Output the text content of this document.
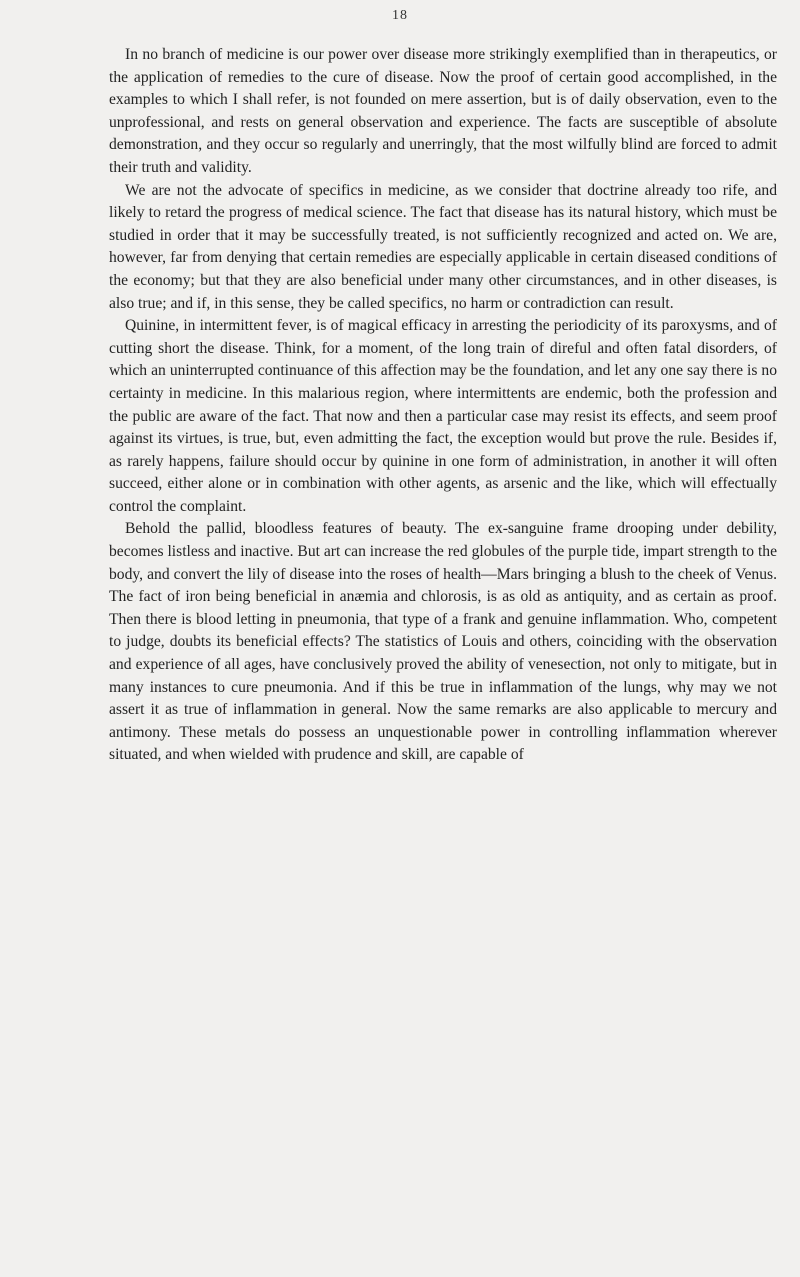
18

In no branch of medicine is our power over disease more strikingly exemplified than in therapeutics, or the application of remedies to the cure of disease. Now the proof of certain good accomplished, in the examples to which I shall refer, is not founded on mere assertion, but is of daily observation, even to the unprofessional, and rests on general observation and experience. The facts are susceptible of absolute demonstration, and they occur so regularly and unerringly, that the most wilfully blind are forced to admit their truth and validity.

We are not the advocate of specifics in medicine, as we consider that doctrine already too rife, and likely to retard the progress of medical science. The fact that disease has its natural history, which must be studied in order that it may be successfully treated, is not sufficiently recognized and acted on. We are, however, far from denying that certain remedies are especially applicable in certain diseased conditions of the economy; but that they are also beneficial under many other circumstances, and in other diseases, is also true; and if, in this sense, they be called specifics, no harm or contradiction can result.

Quinine, in intermittent fever, is of magical efficacy in arresting the periodicity of its paroxysms, and of cutting short the disease. Think, for a moment, of the long train of direful and often fatal disorders, of which an uninterrupted continuance of this affection may be the foundation, and let any one say there is no certainty in medicine. In this malarious region, where intermittents are endemic, both the profession and the public are aware of the fact. That now and then a particular case may resist its effects, and seem proof against its virtues, is true, but, even admitting the fact, the exception would but prove the rule. Besides if, as rarely happens, failure should occur by quinine in one form of administration, in another it will often succeed, either alone or in combination with other agents, as arsenic and the like, which will effectually control the complaint.

Behold the pallid, bloodless features of beauty. The ex-sanguine frame drooping under debility, becomes listless and inactive. But art can increase the red globules of the purple tide, impart strength to the body, and convert the lily of disease into the roses of health—Mars bringing a blush to the cheek of Venus. The fact of iron being beneficial in anæmia and chlorosis, is as old as antiquity, and as certain as proof. Then there is blood letting in pneumonia, that type of a frank and genuine inflammation. Who, competent to judge, doubts its beneficial effects? The statistics of Louis and others, coinciding with the observation and experience of all ages, have conclusively proved the ability of venesection, not only to mitigate, but in many instances to cure pneumonia. And if this be true in inflammation of the lungs, why may we not assert it as true of inflammation in general. Now the same remarks are also applicable to mercury and antimony. These metals do possess an unquestionable power in controlling inflammation wherever situated, and when wielded with prudence and skill, are capable of
